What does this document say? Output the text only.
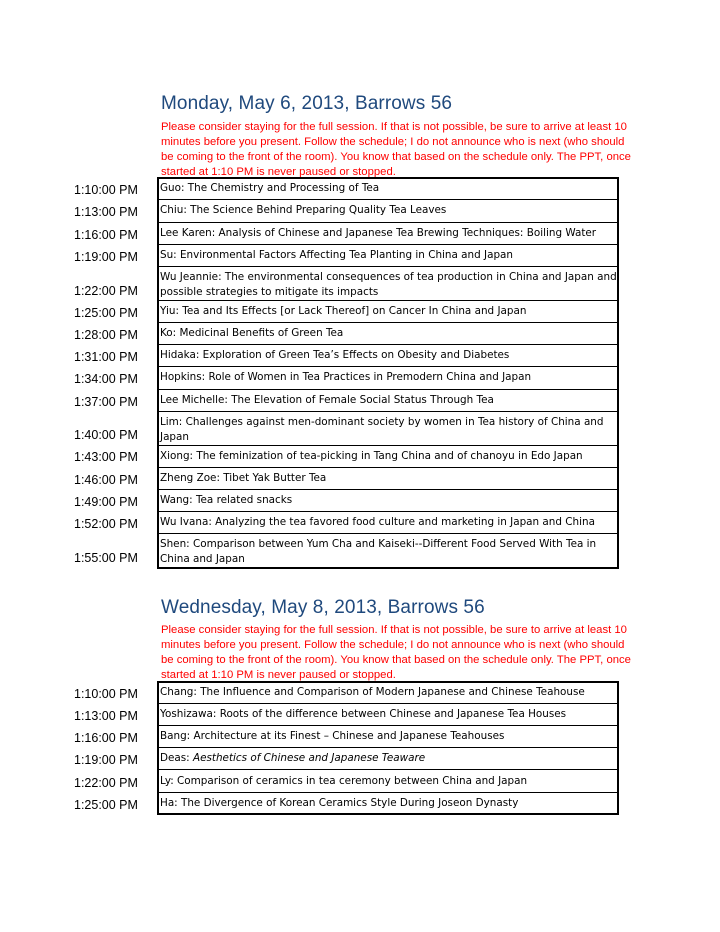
Monday, May 6, 2013, Barrows 56
Please consider staying for the full session. If that is not possible, be sure to arrive at least 10 minutes before you present. Follow the schedule; I do not announce who is next (who should be coming to the front of the room). You know that based on the schedule only. The PPT, once started at 1:10 PM is never paused or stopped.
1:10:00 PM Guo: The Chemistry and Processing of Tea
1:13:00 PM Chiu: The Science Behind Preparing Quality Tea Leaves
1:16:00 PM Lee Karen: Analysis of Chinese and Japanese Tea Brewing Techniques: Boiling Water
1:19:00 PM Su: Environmental Factors Affecting Tea Planting in China and Japan
1:22:00 PM
Wu Jeannie: The environmental consequences of tea production in China and Japan and possible strategies to mitigate its impacts
1:25:00 PM Yiu: Tea and Its Effects [or Lack Thereof] on Cancer In China and Japan
1:28:00 PM Ko: Medicinal Benefits of Green Tea
1:31:00 PM Hidaka: Exploration of Green Tea’s Effects on Obesity and Diabetes
1:34:00 PM Hopkins: Role of Women in Tea Practices in Premodern China and Japan
1:37:00 PM Lee Michelle: The Elevation of Female Social Status Through Tea
1:40:00 PM
Lim: Challenges against men-dominant society by women in Tea history of China and Japan
1:43:00 PM Xiong: The feminization of tea-picking in Tang China and of chanoyu in Edo Japan
1:46:00 PM Zheng Zoe: Tibet Yak Butter Tea
1:49:00 PM Wang: Tea related snacks
1:52:00 PM Wu Ivana: Analyzing the tea favored food culture and marketing in Japan and China
1:55:00 PM
Shen: Comparison between Yum Cha and Kaiseki--Different Food Served With Tea in China and Japan
Wednesday, May 8, 2013, Barrows 56
Please consider staying for the full session. If that is not possible, be sure to arrive at least 10 minutes before you present. Follow the schedule; I do not announce who is next (who should be coming to the front of the room). You know that based on the schedule only. The PPT, once started at 1:10 PM is never paused or stopped.
1:10:00 PM Chang: The Influence and Comparison of Modern Japanese and Chinese Teahouse
1:13:00 PM Yoshizawa: Roots of the difference between Chinese and Japanese Tea Houses
1:16:00 PM Bang: Architecture at its Finest – Chinese and Japanese Teahouses
1:19:00 PM Deas: Aesthetics of Chinese and Japanese Teaware
1:22:00 PM Ly: Comparison of ceramics in tea ceremony between China and Japan
1:25:00 PM Ha: The Divergence of Korean Ceramics Style During Joseon Dynasty
